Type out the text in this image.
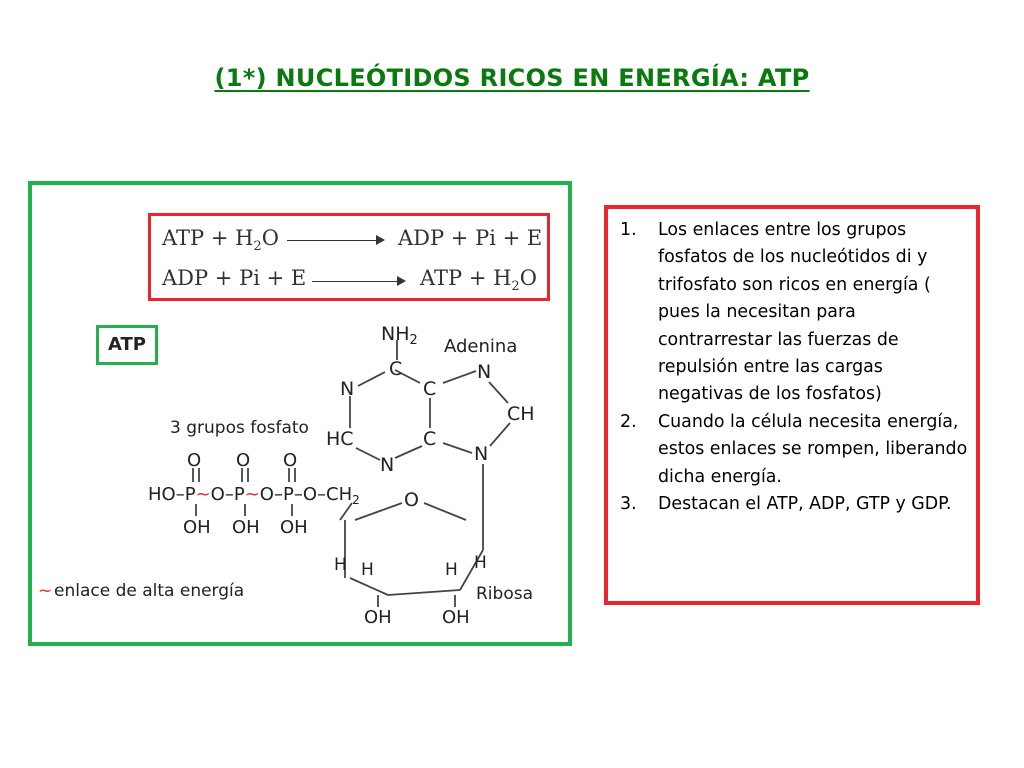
(1*) NUCLEÓTIDOS RICOS EN ENERGÍA: ATP
ATP + $H_2O$	ADP + Pi + E
ADP + Pi + E	ATP + $H_2O$
ATP	$NH_2$
C
N	C
N
CH
HC	C
N	N
Adenina
3 grupos fosfato
O O O
$HO-P\sim O-P\sim O-P-O-CH_2$
OH OH OH
O
H H	H H
Ribosa
OH	OH
~ enlace de alta energía
1. Los enlaces entre los grupos fosfatos de los nucleótidos di y trifosfato son ricos en energía ( pues la necesitan para contrarrestar las fuerzas de repulsión entre las cargas negativas de los fosfatos)
2. Cuando la célula necesita energía, estos enlaces se rompen, liberando dicha energía.
3. Destacan el ATP, ADP, GTP y GDP.
